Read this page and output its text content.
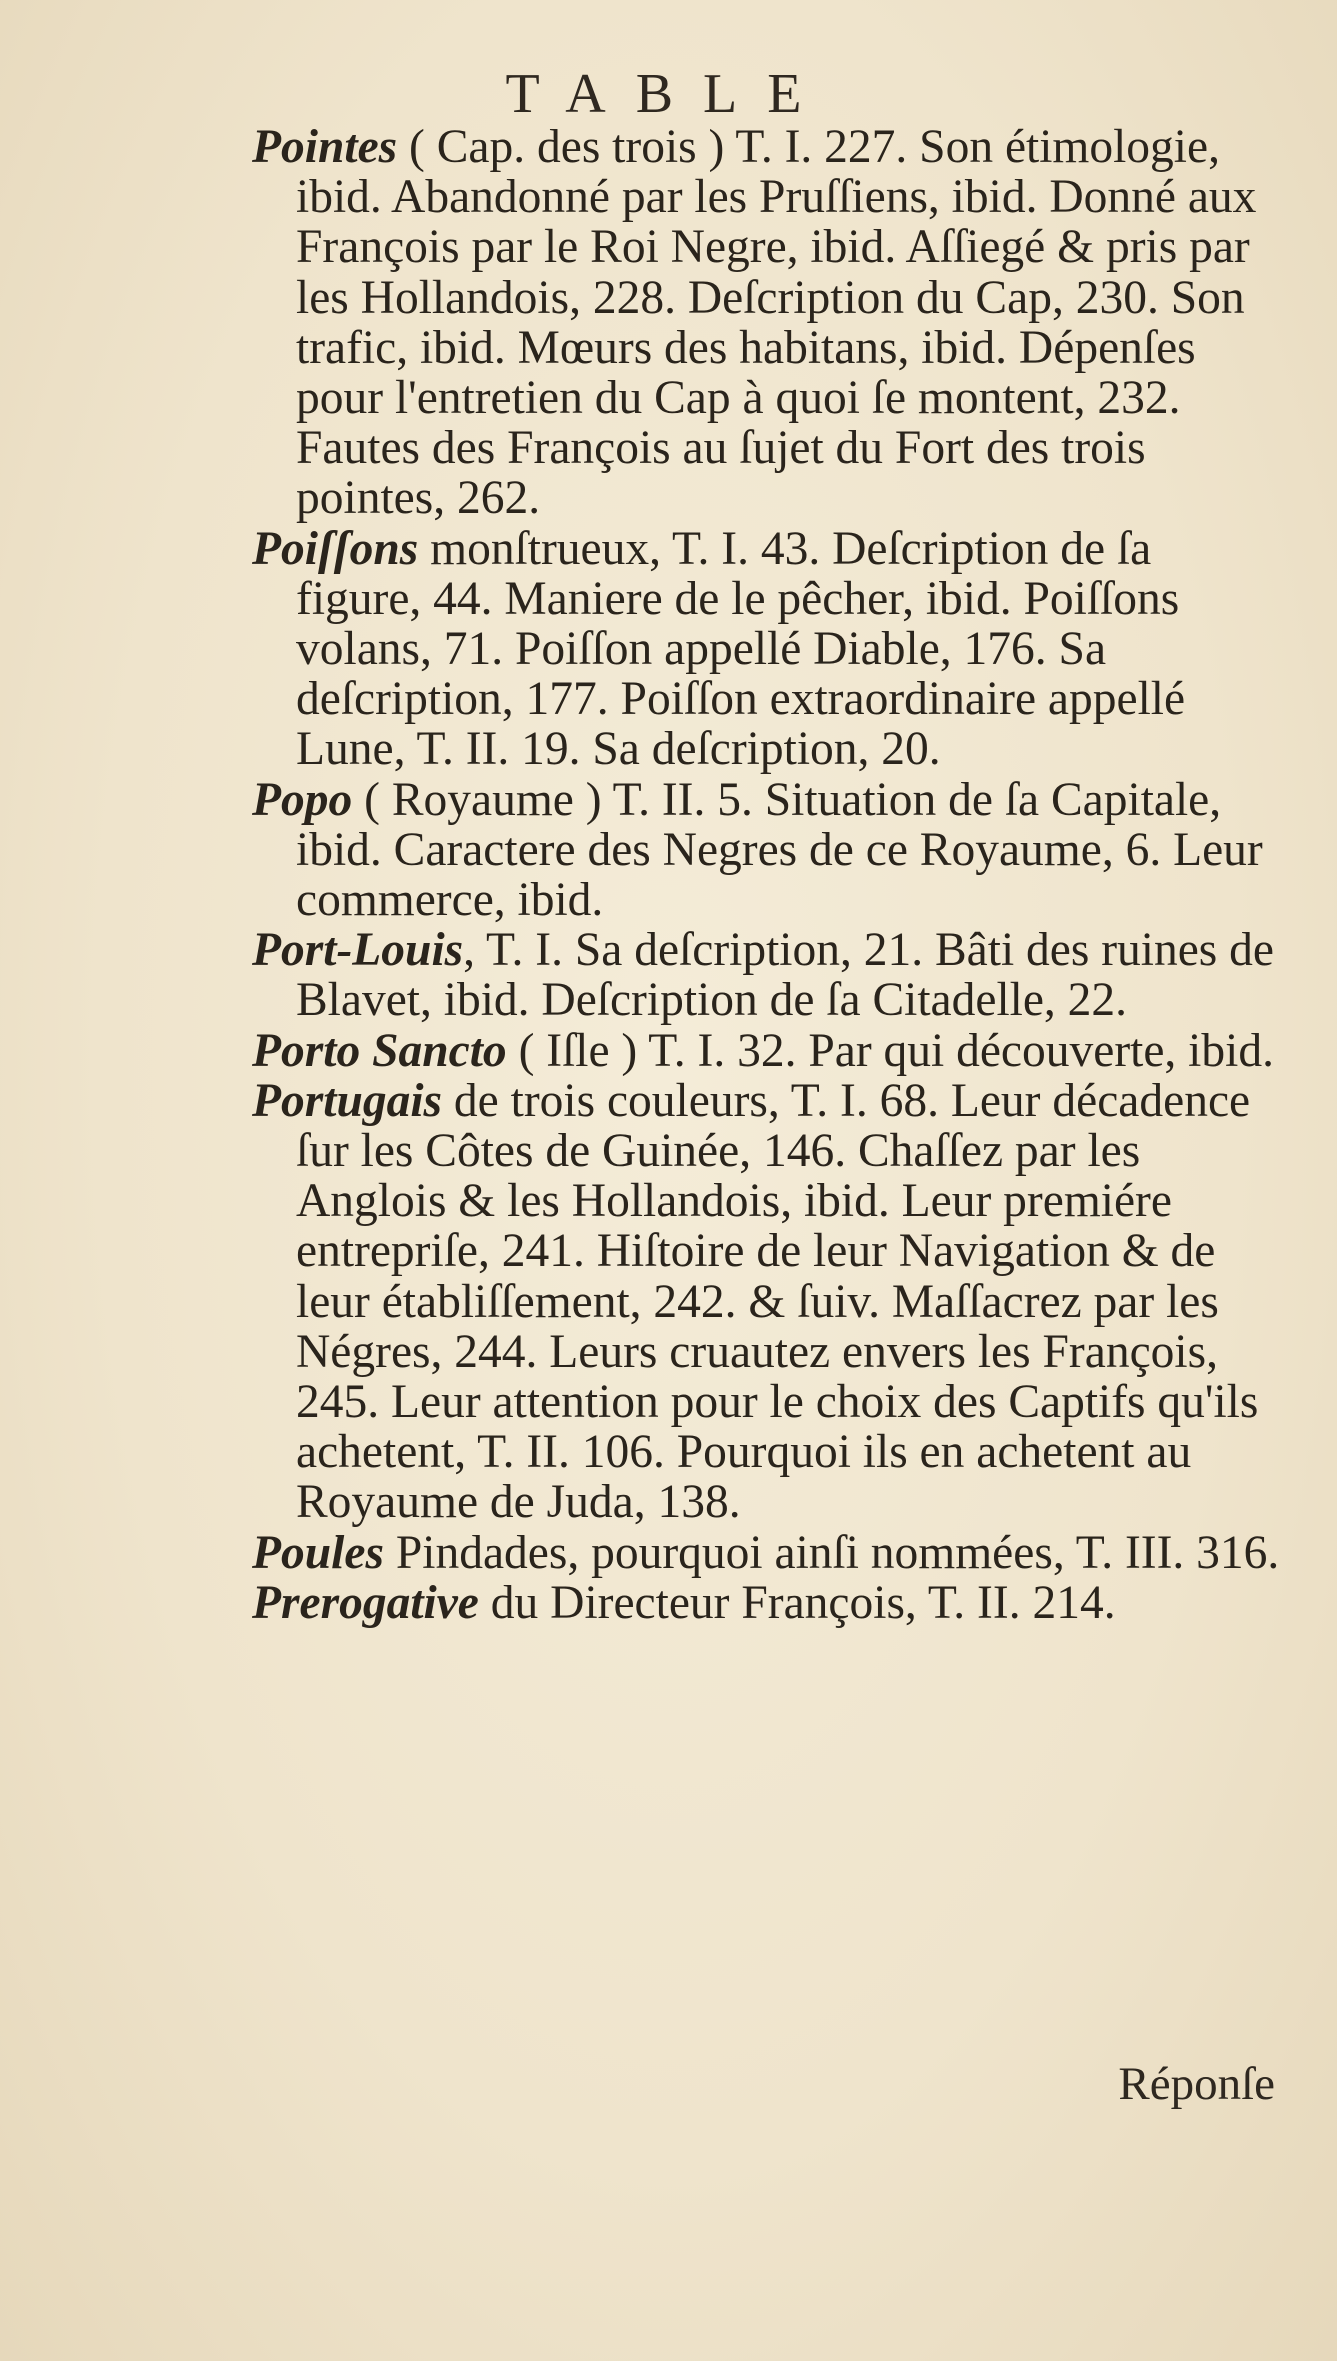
TABLE

Pointes ( Cap. des trois ) T. I. 227. Son étimologie, ibid. Abandonné par les Pruſſiens, ibid. Donné aux François par le Roi Negre, ibid. Aſſiegé & pris par les Hollandois, 228. Deſcription du Cap, 230. Son trafic, ibid. Mœurs des habitans, ibid. Dépenſes pour l'entretien du Cap à quoi ſe montent, 232. Fautes des François au ſujet du Fort des trois pointes, 262.

Poiſſons monſtrueux, T. I. 43. Deſcription de ſa figure, 44. Maniere de le pêcher, ibid. Poiſſons volans, 71. Poiſſon appellé Diable, 176. Sa deſcription, 177. Poiſſon extraordinaire appellé Lune, T. II. 19. Sa deſcription, 20.

Popo ( Royaume ) T. II. 5. Situation de ſa Capitale, ibid. Caractere des Negres de ce Royaume, 6. Leur commerce, ibid.

Port-Louis, T. I. Sa deſcription, 21. Bâti des ruines de Blavet, ibid. Deſcription de ſa Citadelle, 22.

Porto Sancto ( Iſle ) T. I. 32. Par qui découverte, ibid.

Portugais de trois couleurs, T. I. 68. Leur décadence ſur les Côtes de Guinée, 146. Chaſſez par les Anglois & les Hollandois, ibid. Leur premiére entrepriſe, 241. Hiſtoire de leur Navigation & de leur établiſſement, 242. & ſuiv. Maſſacrez par les Négres, 244. Leurs cruautez envers les François, 245. Leur attention pour le choix des Captifs qu'ils achetent, T. II. 106. Pourquoi ils en achetent au Royaume de Juda, 138.

Poules Pindades, pourquoi ainſi nommées, T. III. 316.

Prerogative du Directeur François, T. II. 214.

Réponſe
